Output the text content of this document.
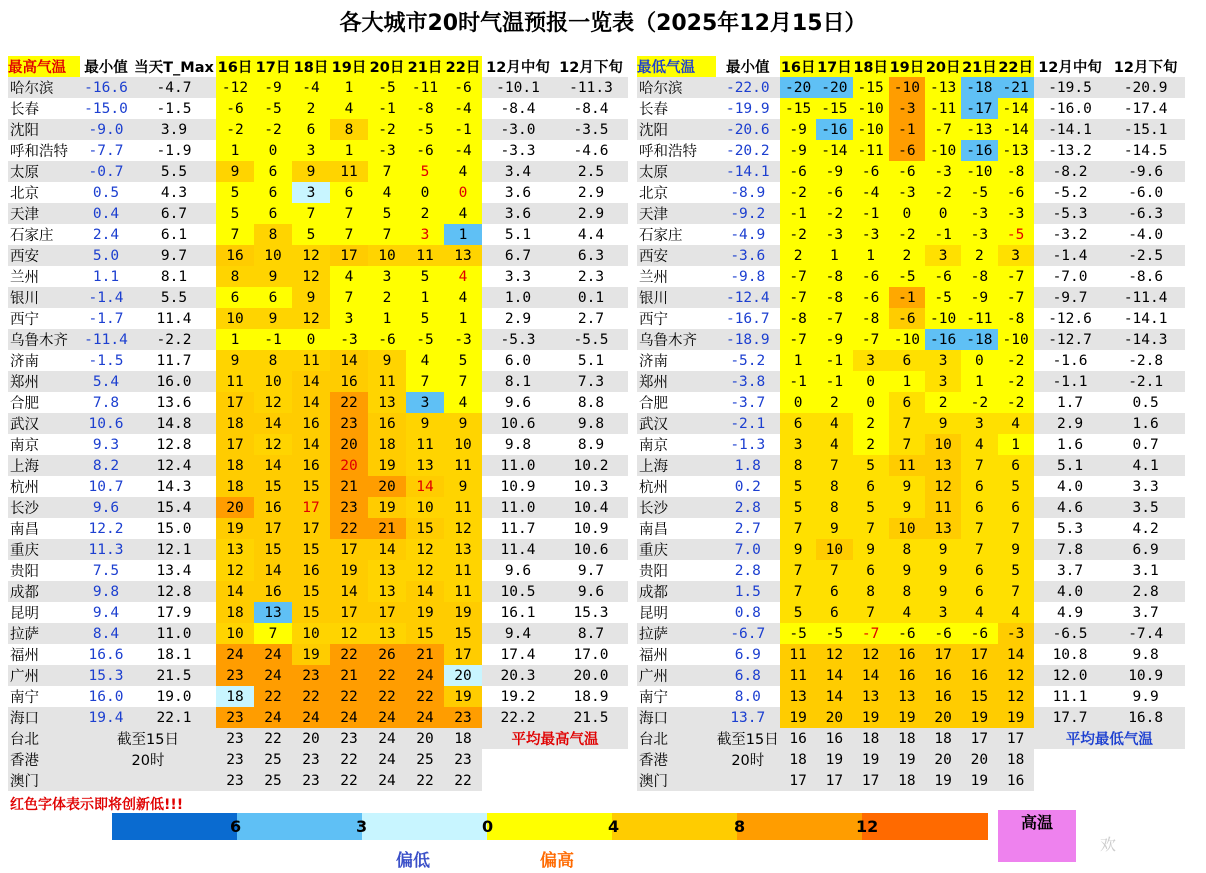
各大城市20时气温预报一览表（2025年12月15日）
最高气温	最小值	当天T_Max	16日	17日	18日	19日	20日	21日	22日	12月中旬	12月下旬
哈尔滨	-16.6	-4.7	-12	-9	-4	1	-5	-11	-6	-10.1	-11.3
长春	-15.0	-1.5	-6	-5	2	4	-1	-8	-4	-8.4	-8.4
沈阳	-9.0	3.9	-2	-2	6	8	-2	-5	-1	-3.0	-3.5
呼和浩特	-7.7	-1.9	1	0	3	1	-3	-6	-4	-3.3	-4.6
太原	-0.7	5.5	9	6	9	11	7	5	4	3.4	2.5
北京	0.5	4.3	5	6	3	6	4	0	0	3.6	2.9
天津	0.4	6.7	5	6	7	7	5	2	4	3.6	2.9
石家庄	2.4	6.1	7	8	5	7	7	3	1	5.1	4.4
西安	5.0	9.7	16	10	12	17	10	11	13	6.7	6.3
兰州	1.1	8.1	8	9	12	4	3	5	4	3.3	2.3
银川	-1.4	5.5	6	6	9	7	2	1	4	1.0	0.1
西宁	-1.7	11.4	10	9	12	3	1	5	1	2.9	2.7
乌鲁木齐	-11.4	-2.2	1	-1	0	-3	-6	-5	-3	-5.3	-5.5
济南	-1.5	11.7	9	8	11	14	9	4	5	6.0	5.1
郑州	5.4	16.0	11	10	14	16	11	7	7	8.1	7.3
合肥	7.8	13.6	17	12	14	22	13	3	4	9.6	8.8
武汉	10.6	14.8	18	14	16	23	16	9	9	10.6	9.8
南京	9.3	12.8	17	12	14	20	18	11	10	9.8	8.9
上海	8.2	12.4	18	14	16	20	19	13	11	11.0	10.2
杭州	10.7	14.3	18	15	15	21	20	14	9	10.9	10.3
长沙	9.6	15.4	20	16	17	23	19	10	11	11.0	10.4
南昌	12.2	15.0	19	17	17	22	21	15	12	11.7	10.9
重庆	11.3	12.1	13	15	15	17	14	12	13	11.4	10.6
贵阳	7.5	13.4	12	14	16	19	13	12	11	9.6	9.7
成都	9.8	12.8	14	16	15	14	13	14	11	10.5	9.6
昆明	9.4	17.9	18	13	15	17	17	19	19	16.1	15.3
拉萨	8.4	11.0	10	7	10	12	13	15	15	9.4	8.7
福州	16.6	18.1	24	24	19	22	26	21	17	17.4	17.0
广州	15.3	21.5	23	24	23	21	22	24	20	20.3	20.0
南宁	16.0	19.0	18	22	22	22	22	22	19	19.2	18.9
海口	19.4	22.1	23	24	24	24	24	24	23	22.2	21.5
台北	截至15日		23	22	20	23	24	20	18	平均最高气温	
香港	20时		23	25	23	22	24	25	23		
澳门			23	25	23	22	24	22	22		
最低气温	最小值	16日	17日	18日	19日	20日	21日	22日	12月中旬	12月下旬
哈尔滨	-22.0	-20	-20	-15	-10	-13	-18	-21	-19.5	-20.9
长春	-19.9	-15	-15	-10	-3	-11	-17	-14	-16.0	-17.4
沈阳	-20.6	-9	-16	-10	-1	-7	-13	-14	-14.1	-15.1
呼和浩特	-20.2	-9	-14	-11	-6	-10	-16	-13	-13.2	-14.5
太原	-14.1	-6	-9	-6	-6	-3	-10	-8	-8.2	-9.6
北京	-8.9	-2	-6	-4	-3	-2	-5	-6	-5.2	-6.0
天津	-9.2	-1	-2	-1	0	0	-3	-3	-5.3	-6.3
石家庄	-4.9	-2	-3	-3	-2	-1	-3	-5	-3.2	-4.0
西安	-3.6	2	1	1	2	3	2	3	-1.4	-2.5
兰州	-9.8	-7	-8	-6	-5	-6	-8	-7	-7.0	-8.6
银川	-12.4	-7	-8	-6	-1	-5	-9	-7	-9.7	-11.4
西宁	-16.7	-8	-7	-8	-6	-10	-11	-8	-12.6	-14.1
乌鲁木齐	-18.9	-7	-9	-7	-10	-16	-18	-10	-12.7	-14.3
济南	-5.2	1	-1	3	6	3	0	-2	-1.6	-2.8
郑州	-3.8	-1	-1	0	1	3	1	-2	-1.1	-2.1
合肥	-3.7	0	2	0	6	2	-2	-2	1.7	0.5
武汉	-2.1	6	4	2	7	9	3	4	2.9	1.6
南京	-1.3	3	4	2	7	10	4	1	1.6	0.7
上海	1.8	8	7	5	11	13	7	6	5.1	4.1
杭州	0.2	5	8	6	9	12	6	5	4.0	3.3
长沙	2.8	5	8	5	9	11	6	6	4.6	3.5
南昌	2.7	7	9	7	10	13	7	7	5.3	4.2
重庆	7.0	9	10	9	8	9	7	9	7.8	6.9
贵阳	2.8	7	7	6	9	9	6	5	3.7	3.1
成都	1.5	7	6	8	8	9	6	7	4.0	2.8
昆明	0.8	5	6	7	4	3	4	4	4.9	3.7
拉萨	-6.7	-5	-5	-7	-6	-6	-6	-3	-6.5	-7.4
福州	6.9	11	12	12	16	17	17	14	10.8	9.8
广州	6.8	11	14	14	16	16	16	12	12.0	10.9
南宁	8.0	13	14	13	13	16	15	12	11.1	9.9
海口	13.7	19	20	19	19	20	19	19	17.7	16.8
台北	截至15日	16	16	18	18	18	17	17	平均最低气温	
香港	20时	18	19	19	19	20	20	18		
澳门		17	17	17	18	19	19	16		
红色字体表示即将创新低!!!
6	3	0	4	8	12
偏低	偏高
高温
欢
